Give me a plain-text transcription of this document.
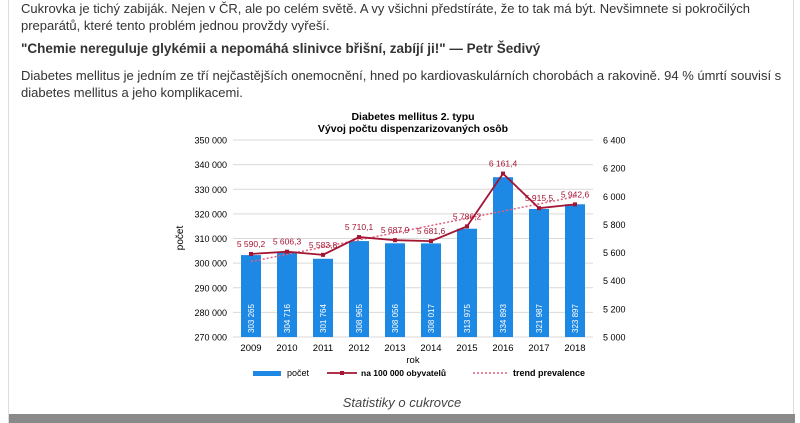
Cukrovka je tichý zabiják. Nejen v ČR, ale po celém světě. A vy všichni předstíráte, že to tak má být. Nevšimnete si pokročilých preparátů, které tento problém jednou provždy vyřeší.

"Chemie nereguluje glykémii a nepomáhá slinivce břišní, zabíjí ji!" — Petr Šedivý

Diabetes mellitus je jedním ze tří nejčastějších onemocnění, hned po kardiovaskulárních chorobách a rakovině. 94 % úmrtí souvisí s diabetes mellitus a jeho komplikacemi.

Diabetes mellitus 2. typu
Vývoj počtu dispenzarizovaných osôb
270 000
280 000
290 000
300 000
310 000
320 000
330 000
340 000
350 000
5 000
5 200
5 400
5 600
5 800
6 000
6 200
6 400
počet
303 265	304 716	301 764	308 965	308 056	308 017	313 975	334 893	321 987	323 897
2009 2010 2011 2012 2013 2014 2015 2016 2017 2018
rok
5 590,2 5 606,3 5 583,8
5 710,1 5 687,9 5 681,6
5 786,2
6 161,4
5 915,5 5 942,6
počet	na 100 000 obyvatelů	trend prevalence

Statistiky o cukrovce
